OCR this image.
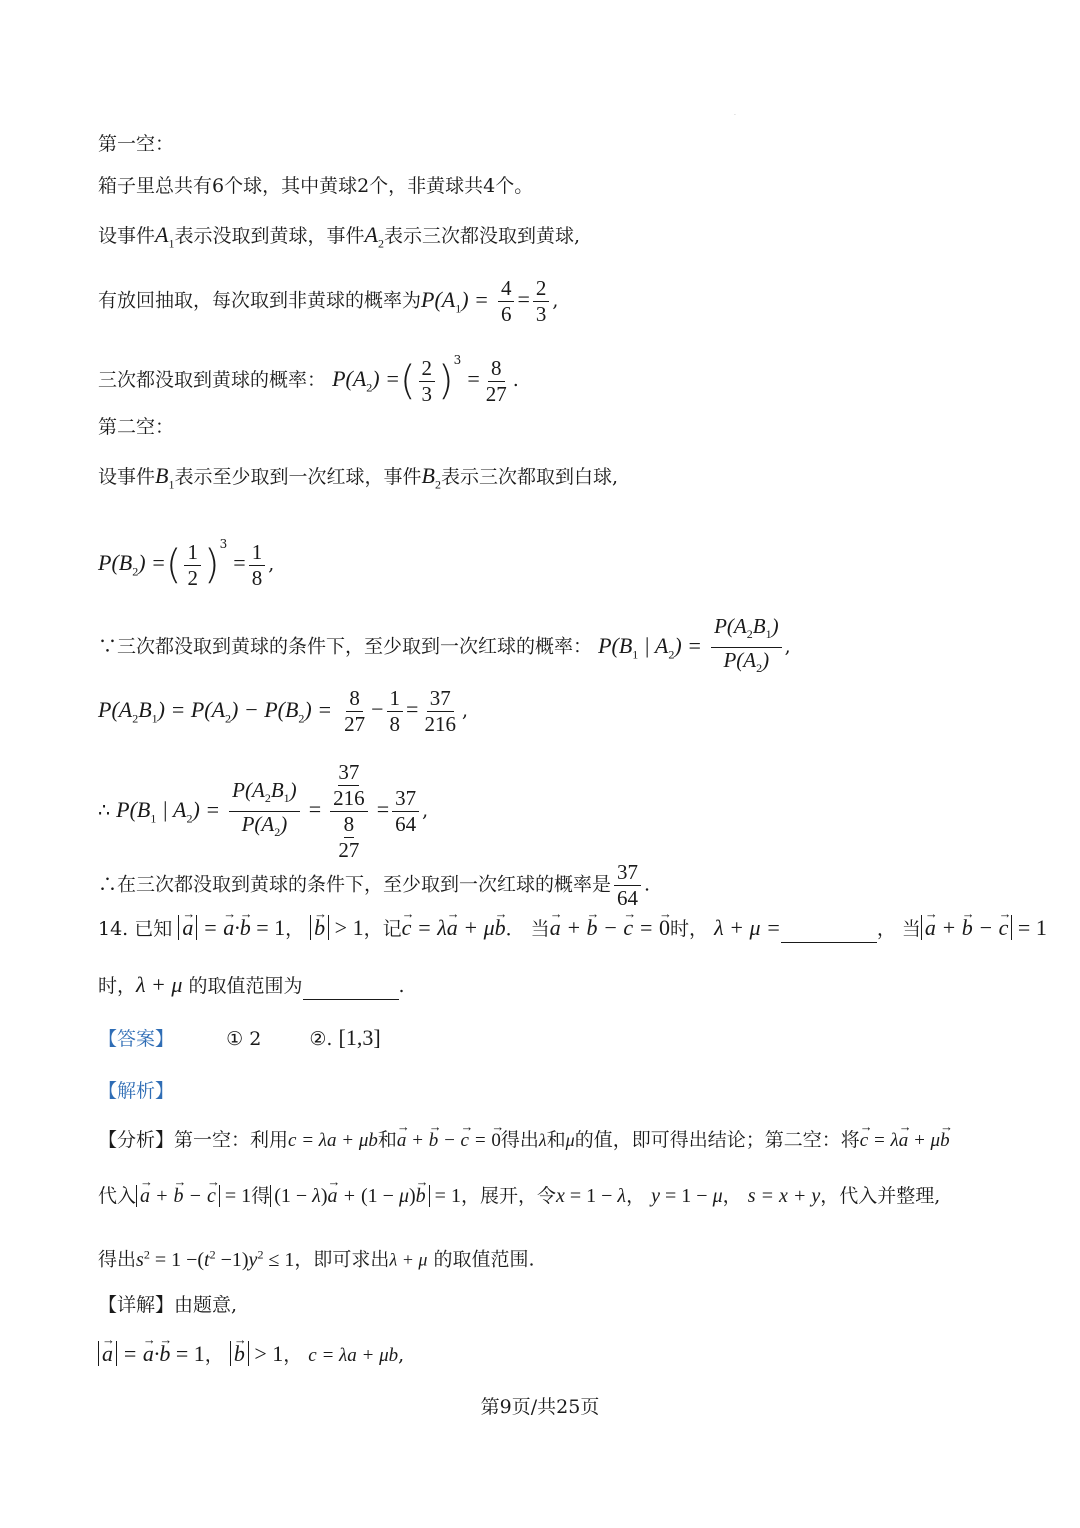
·
第一空：
箱子里总共有6个球，其中黄球2个，非黄球共4个。
设事件$A_1$表示没取到黄球，事件$A_2$表示三次都没取到黄球,
有放回抽取，每次取到非黄球的概率为$P(A_1) = \frac{4}{6} = \frac{2}{3}$ ,
三次都没取到黄球的概率： $P(A_2)$ =( $\frac{2}{3} )^3 = \frac{8}{27}$ .
第二空：
设事件$B_1$表示至少取到一次红球，事件$B_2$表示三次都取到白球,
$P(B_2)$ =( $\frac{1}{2} )^3 = \frac{1}{8}$ ,
∵三次都没取到黄球的条件下，至少取到一次红球的概率： $P(B_1$ | $A_2) = \frac{P(A_2B_1)}{P(A_2)}$ ,
$P(A_2B_1) = P(A_2) - P(B_2) = \frac{8}{27} - \frac{1}{8} = \frac{37}{216}$ ,
∴ $P(B_1$ | $A_2) = \frac{P(A_2B_1)}{P(A_2)} = 37$
216
8
$27 = \frac{37}{64}$ ,
∴在三次都没取到黄球的条件下，至少取到一次红球的概率是 $\frac{37}{64}$ .
14. 已知 → a = → a·→ b = 1， → b > 1，记→ c = λ→ a + μ→ b． 当→ a + → b − → c = → 0时， λ + μ =	， 当 → a + → b − → c = 1
时，λ + μ 的取值范围为	.
【答案】	① 2	②. [1,3]
【解析】
【分析】第一空：利用c = λa + μb和→ a + → b − → c = → 0得出λ和μ的值，即可得出结论；第二空：将→ c = λ→ a + μ→ b
代入 → a + → b − → c = 1得 (1 − λ)→ a + (1 − μ)→ b = 1，展开，令x = 1 − λ， y = 1 − μ， s = x + y，代入并整理,
得出$s^2 = 1 -(t^2 -1)y^2 \le 1$，即可求出λ + μ 的取值范围.
【详解】由题意,
→ a = → a·→ b = 1， → b > 1， c = λa + μb,
第9页/共25页
